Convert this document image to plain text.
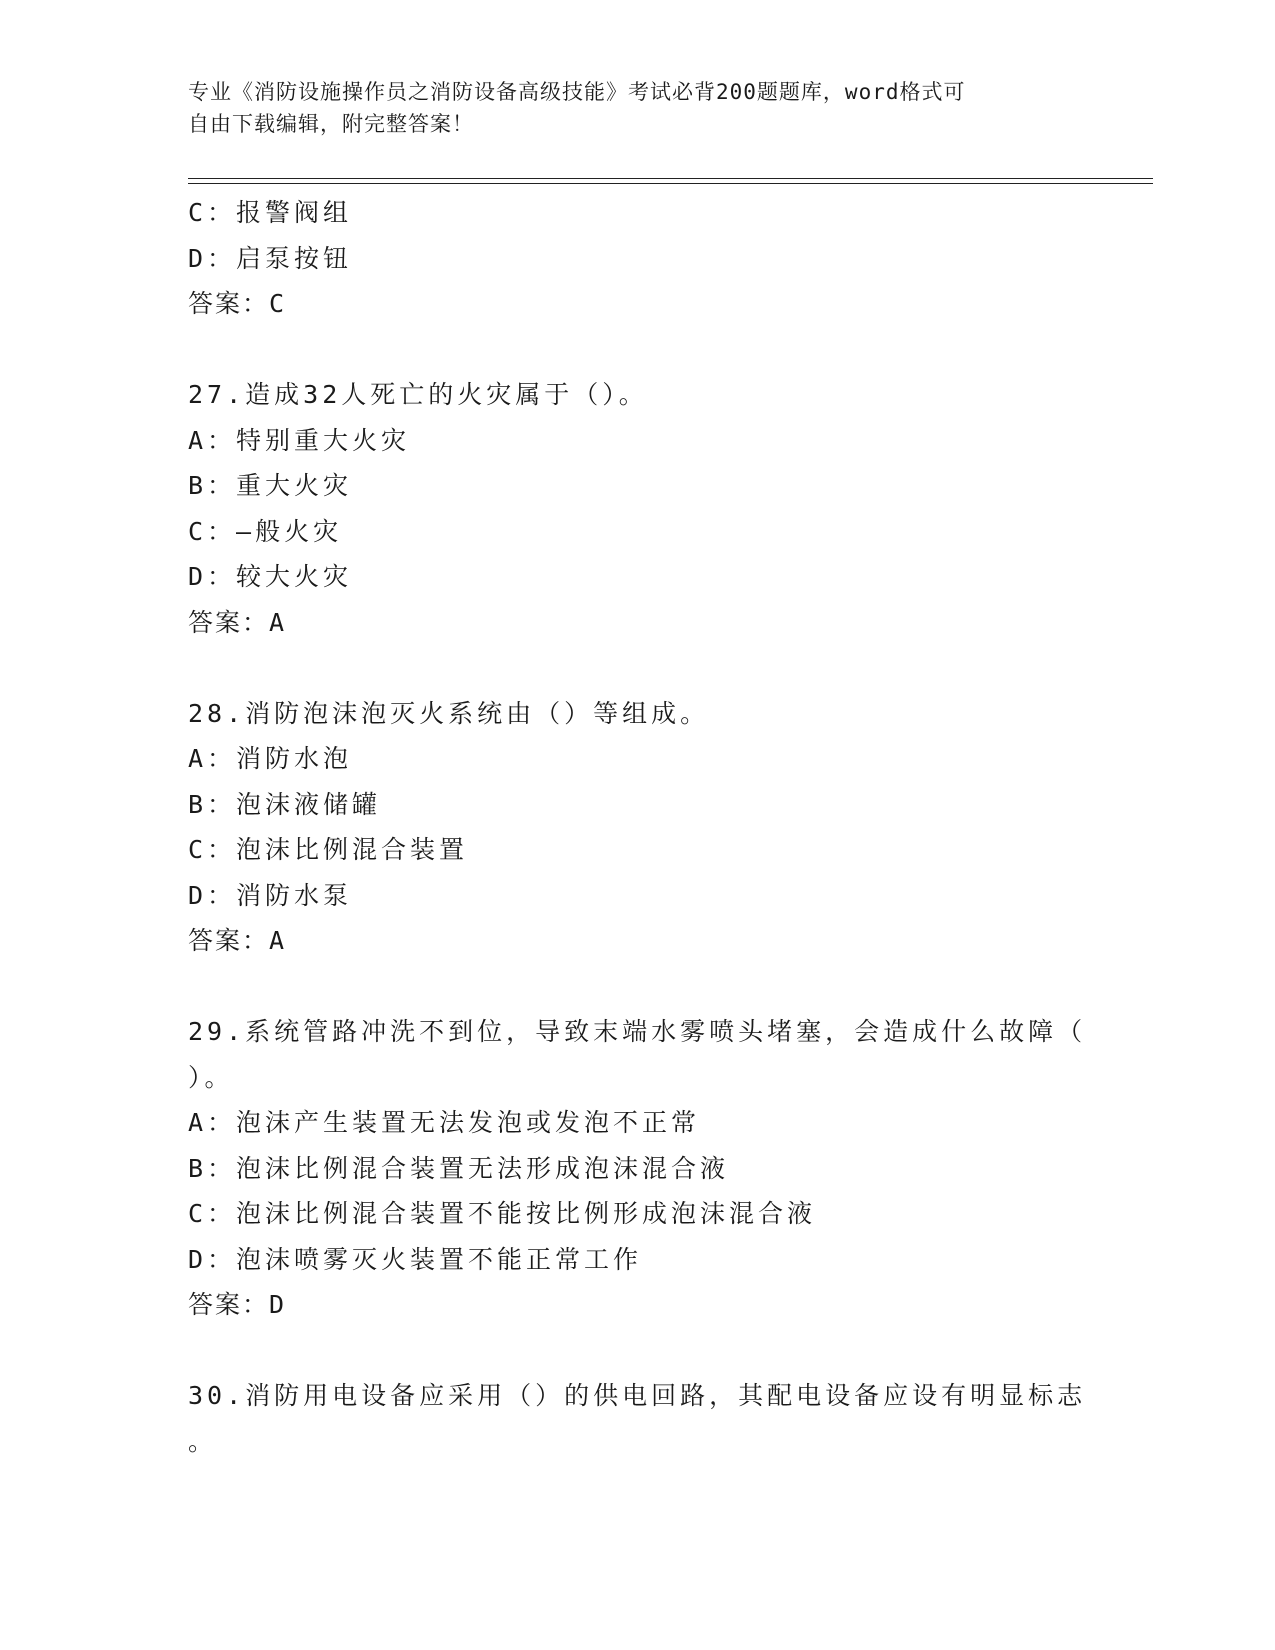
专业《消防设施操作员之消防设备高级技能》考试必背200题题库，word格式可
自由下载编辑，附完整答案！
C：报警阀组
D：启泵按钮
答案：C
27.造成32人死亡的火灾属于（）。
A：特别重大火灾
B：重大火灾
C：—般火灾
D：较大火灾
答案：A
28.消防泡沫泡灭火系统由（）等组成。
A：消防水泡
B：泡沫液储罐
C：泡沫比例混合装置
D：消防水泵
答案：A
29.系统管路冲洗不到位，导致末端水雾喷头堵塞，会造成什么故障（
）。
A：泡沫产生装置无法发泡或发泡不正常
B：泡沫比例混合装置无法形成泡沫混合液
C：泡沫比例混合装置不能按比例形成泡沫混合液
D：泡沫喷雾灭火装置不能正常工作
答案：D
30.消防用电设备应采用（）的供电回路，其配电设备应设有明显标志
。
